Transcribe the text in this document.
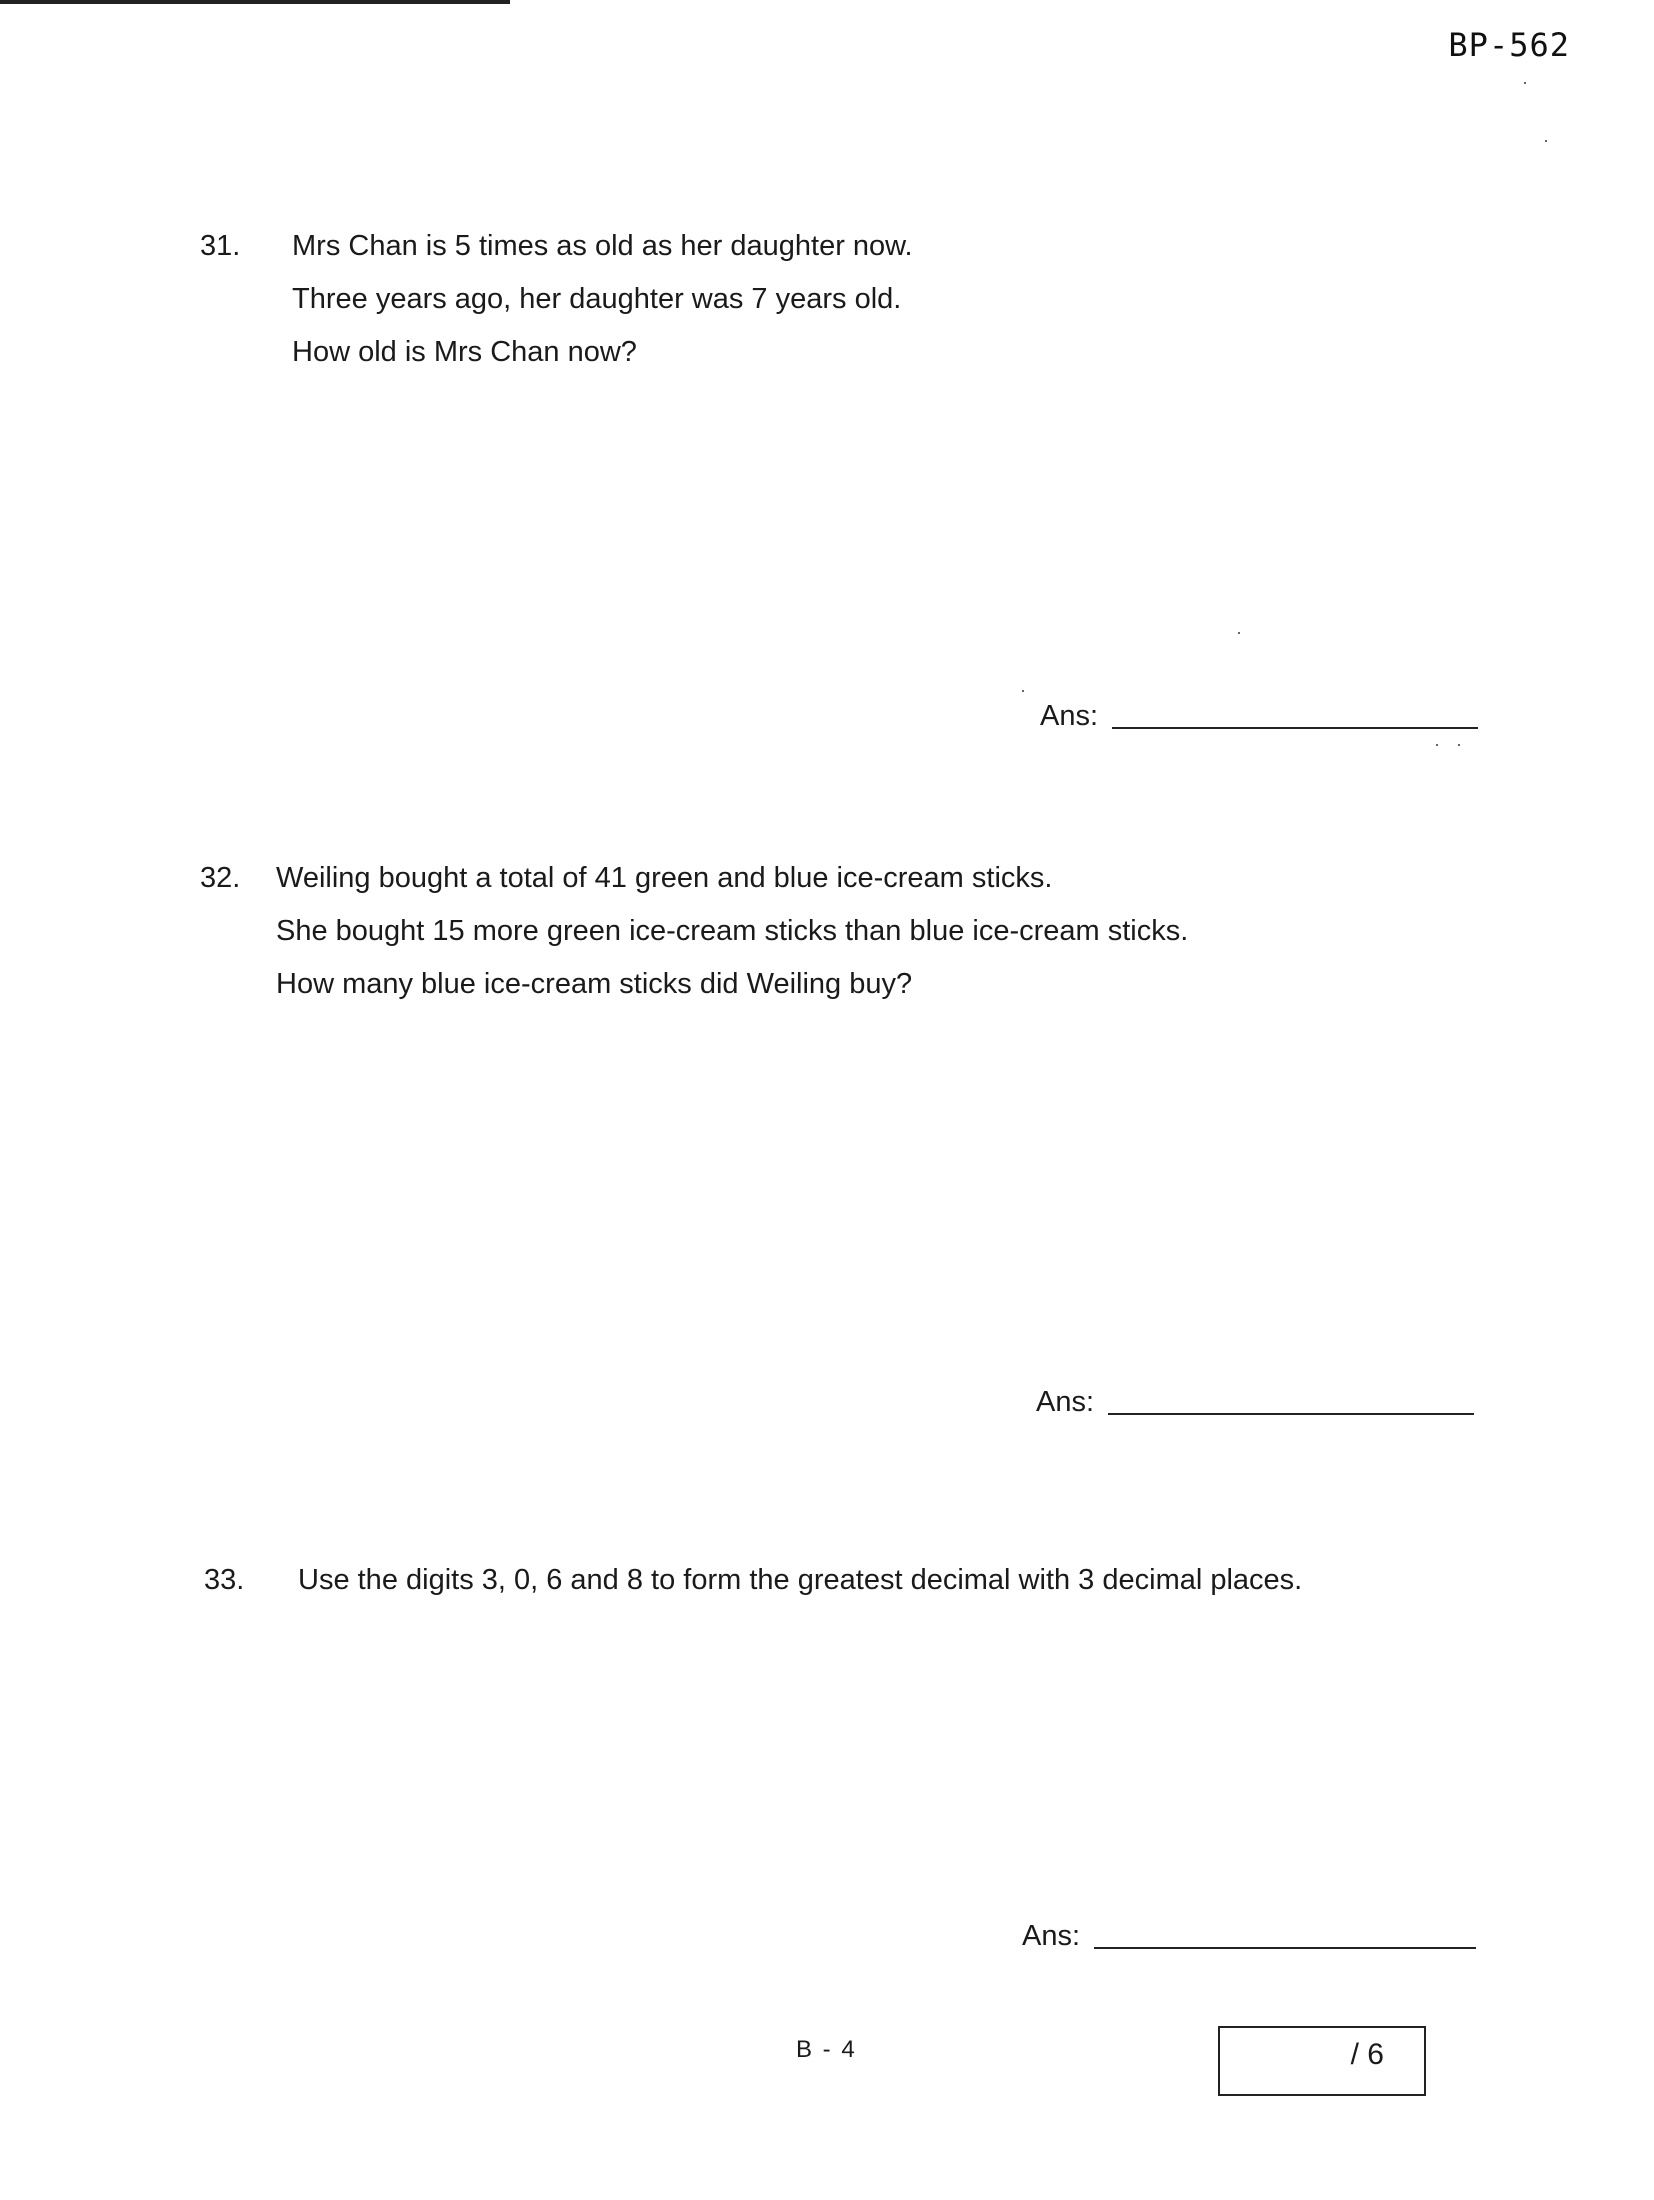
BP-562
31. Mrs Chan is 5 times as old as her daughter now.
Three years ago, her daughter was 7 years old.
How old is Mrs Chan now?
Ans:
32. Weiling bought a total of 41 green and blue ice-cream sticks.
She bought 15 more green ice-cream sticks than blue ice-cream sticks.
How many blue ice-cream sticks did Weiling buy?
Ans:
33. Use the digits 3, 0, 6 and 8 to form the greatest decimal with 3 decimal places.
Ans:
B - 4	/ 6
